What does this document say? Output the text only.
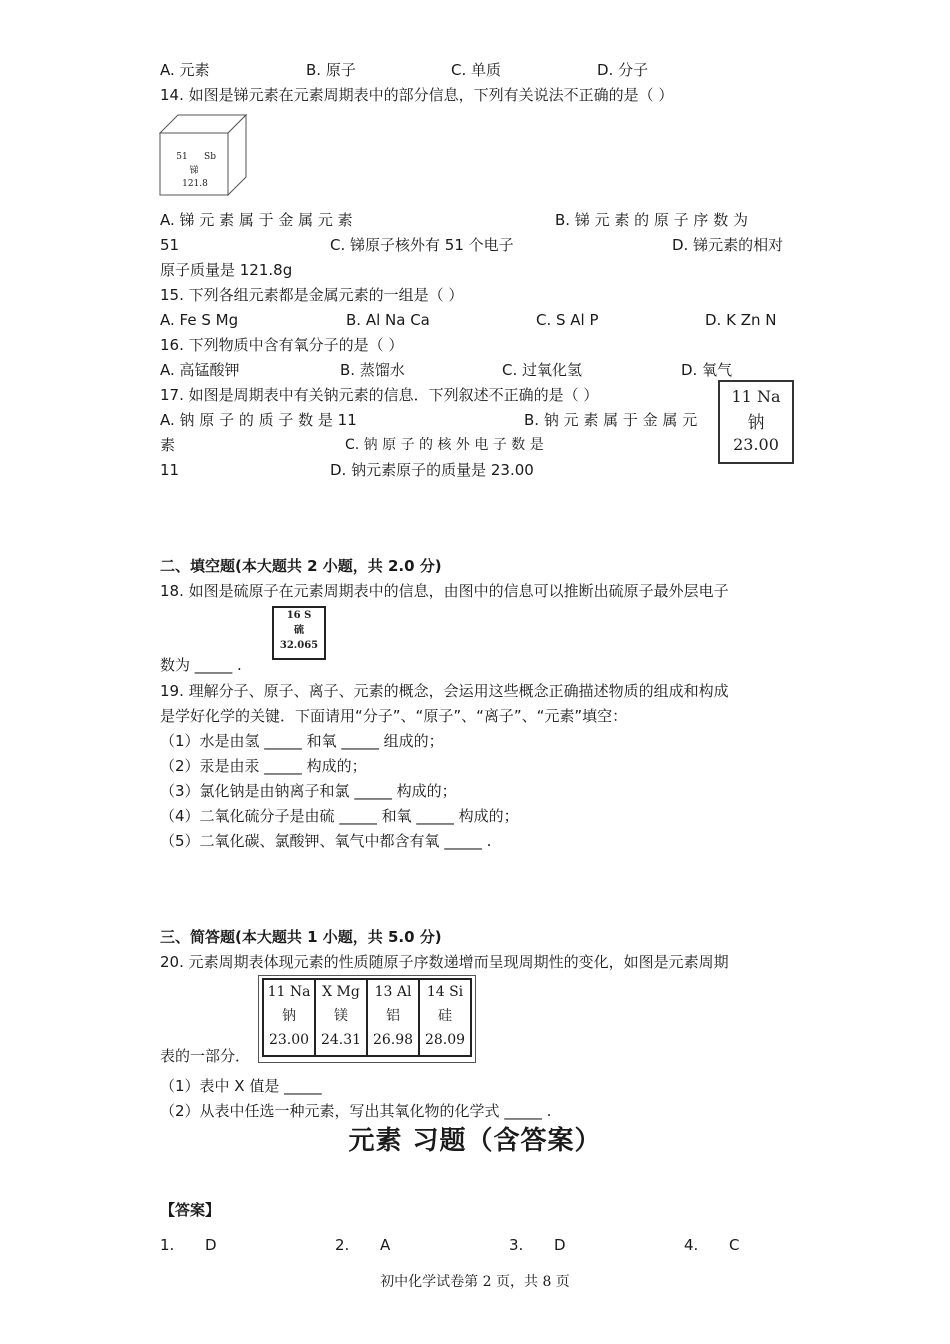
A. 元素	B. 原子	C. 单质	D. 分子
14. 如图是锑元素在元素周期表中的部分信息，下列有关说法不正确的是（ ）
51	Sb
锑
121.8
A. 锑 元 素 属 于 金 属 元 素	B. 锑 元 素 的 原 子 序 数 为
51	C. 锑原子核外有 51 个电子	D. 锑元素的相对
原子质量是 121.8g
15. 下列各组元素都是金属元素的一组是（ ）
A. Fe S Mg	B. Al Na Ca	C. S Al P	D. K Zn N
16. 下列物质中含有氧分子的是（ ）
A. 高锰酸钾	B. 蒸馏水	C. 过氧化氢	D. 氧气
17. 如图是周期表中有关钠元素的信息．下列叙述不正确的是（ ）	11 Na
钠
23.00
A. 钠 原 子 的 质 子 数 是 11	B. 钠 元 素 属 于 金 属 元
素	C. 钠 原 子 的 核 外 电 子 数 是
11	D. 钠元素原子的质量是 23.00
二、填空题(本大题共 2 小题，共 2.0 分)
18. 如图是硫原子在元素周期表中的信息，由图中的信息可以推断出硫原子最外层电子
16 S
硫
32.065
数为 _____ .
19. 理解分子、原子、离子、元素的概念，会运用这些概念正确描述物质的组成和构成
是学好化学的关键．下面请用“分子”、“原子”、“离子”、“元素”填空：
（1）水是由氢 _____ 和氧 _____ 组成的；
（2）汞是由汞 _____ 构成的；
（3）氯化钠是由钠离子和氯 _____ 构成的；
（4）二氧化硫分子是由硫 _____ 和氧 _____ 构成的；
（5）二氧化碳、氯酸钾、氧气中都含有氧 _____ .
三、简答题(本大题共 1 小题，共 5.0 分)
20. 元素周期表体现元素的性质随原子序数递增而呈现周期性的变化，如图是元素周期
11 Na
钠
23.00

X Mg
镁
24.31

13 Al
铝
26.98

14 Si
硅
28.09
表的一部分．
（1）表中 X 值是 _____
（2）从表中任选一种元素，写出其氧化物的化学式 _____ .
元素 习题（含答案）
【答案】
1. D	2. A	3. D	4. C
初中化学试卷第 2 页，共 8 页
